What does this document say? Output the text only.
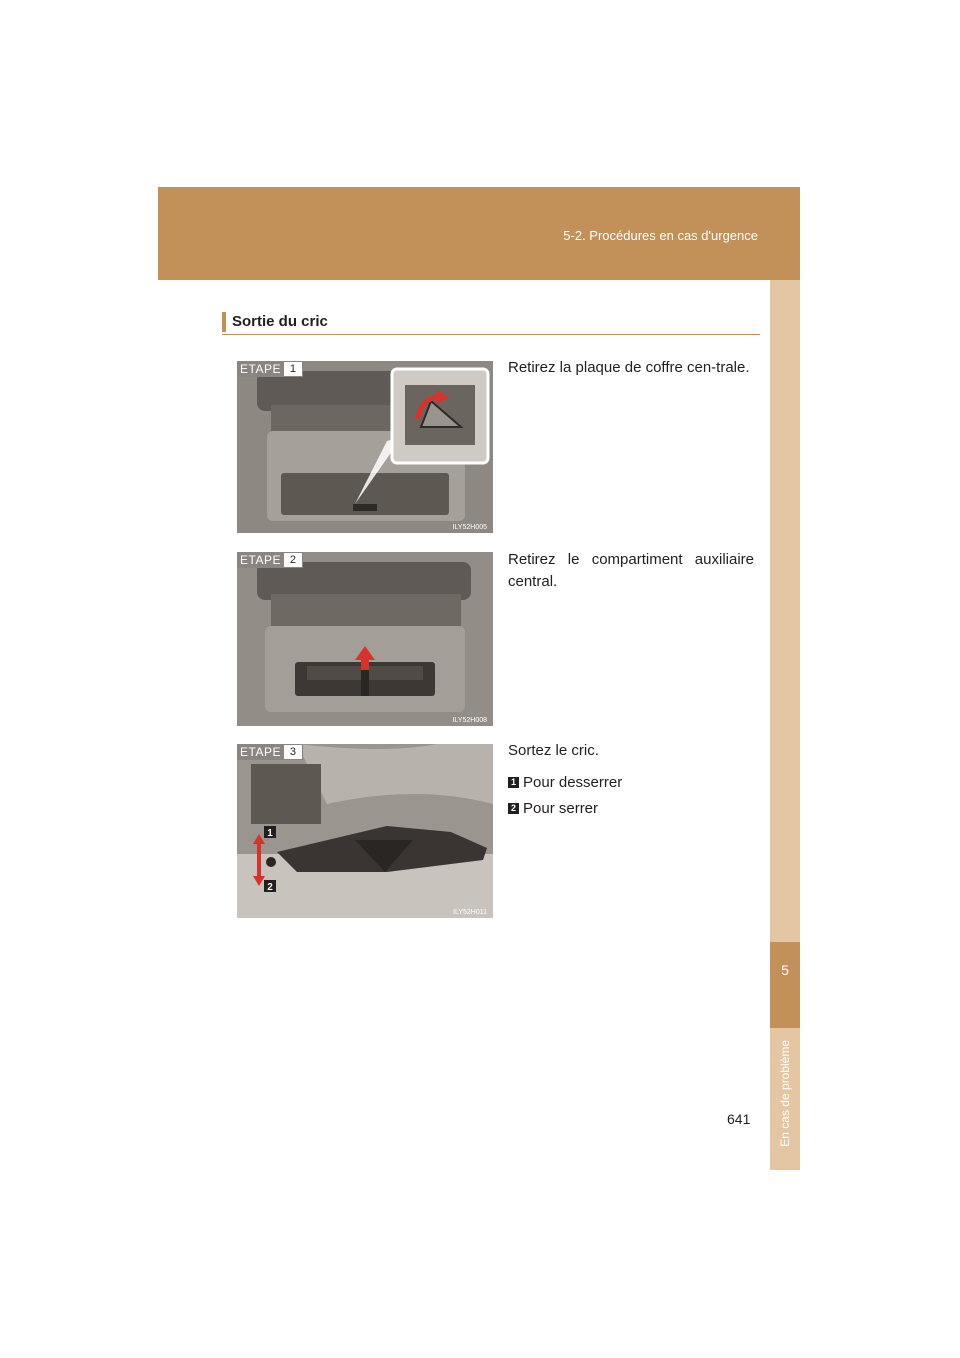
5-2. Procédures en cas d'urgence
5
En cas de problème
Sortie du cric
ETAPE 1
ILY52H005
Retirez la plaque de coffre cen-trale.
ETAPE 2
ILY52H008
Retirez le compartiment auxiliaire central.
1
2
ETAPE 3
ILY52H011
Sortez le cric.
1 Pour desserrer
2 Pour serrer
641
